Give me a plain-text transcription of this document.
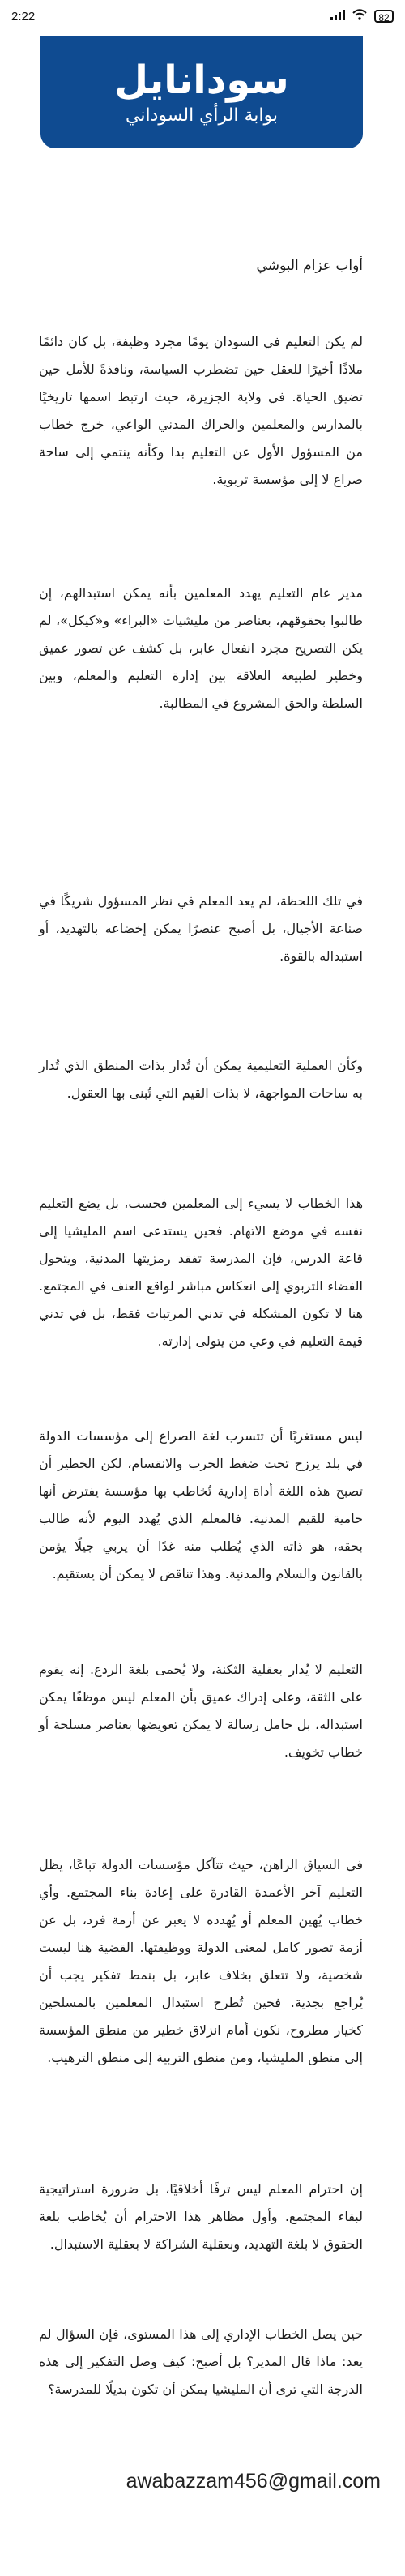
2:22	82
سودانايل
بوابة الرأي السوداني
أواب عزام البوشي

لم يكن التعليم في السودان يومًا مجرد وظيفة، بل كان دائمًا ملاذًا أخيرًا للعقل حين تضطرب السياسة، ونافذةً للأمل حين تضيق الحياة. في ولاية الجزيرة، حيث ارتبط اسمها تاريخيًا بالمدارس والمعلمين والحراك المدني الواعي، خرج خطاب من المسؤول الأول عن التعليم بدا وكأنه ينتمي إلى ساحة صراع لا إلى مؤسسة تربوية.

مدير عام التعليم يهدد المعلمين بأنه يمكن استبدالهم، إن طالبوا بحقوقهم، بعناصر من مليشيات «البراء» و«كيكل»، لم يكن التصريح مجرد انفعال عابر، بل كشف عن تصور عميق وخطير لطبيعة العلاقة بين إدارة التعليم والمعلم، وبين السلطة والحق المشروع في المطالبة.

في تلك اللحظة، لم يعد المعلم في نظر المسؤول شريكًا في صناعة الأجيال، بل أصبح عنصرًا يمكن إخضاعه بالتهديد، أو استبداله بالقوة.

وكأن العملية التعليمية يمكن أن تُدار بذات المنطق الذي تُدار به ساحات المواجهة، لا بذات القيم التي تُبنى بها العقول.

هذا الخطاب لا يسيء إلى المعلمين فحسب، بل يضع التعليم نفسه في موضع الاتهام. فحين يستدعى اسم المليشيا إلى قاعة الدرس، فإن المدرسة تفقد رمزيتها المدنية، ويتحول الفضاء التربوي إلى انعكاس مباشر لواقع العنف في المجتمع. هنا لا تكون المشكلة في تدني المرتبات فقط، بل في تدني قيمة التعليم في وعي من يتولى إدارته.

ليس مستغربًا أن تتسرب لغة الصراع إلى مؤسسات الدولة في بلد يرزح تحت ضغط الحرب والانقسام، لكن الخطير أن تصبح هذه اللغة أداة إدارية تُخاطب بها مؤسسة يفترض أنها حامية للقيم المدنية. فالمعلم الذي يُهدد اليوم لأنه طالب بحقه، هو ذاته الذي يُطلب منه غدًا أن يربي جيلًا يؤمن بالقانون والسلام والمدنية. وهذا تناقض لا يمكن أن يستقيم.

التعليم لا يُدار بعقلية الثكنة، ولا يُحمى بلغة الردع. إنه يقوم على الثقة، وعلى إدراك عميق بأن المعلم ليس موظفًا يمكن استبداله، بل حامل رسالة لا يمكن تعويضها بعناصر مسلحة أو خطاب تخويف.

في السياق الراهن، حيث تتآكل مؤسسات الدولة تباعًا، يظل التعليم آخر الأعمدة القادرة على إعادة بناء المجتمع. وأي خطاب يُهين المعلم أو يُهدده لا يعبر عن أزمة فرد، بل عن أزمة تصور كامل لمعنى الدولة ووظيفتها. القضية هنا ليست شخصية، ولا تتعلق بخلاف عابر، بل بنمط تفكير يجب أن يُراجع بجدية. فحين تُطرح استبدال المعلمين بالمسلحين كخيار مطروح، نكون أمام انزلاق خطير من منطق المؤسسة إلى منطق المليشيا، ومن منطق التربية إلى منطق الترهيب.

إن احترام المعلم ليس ترفًا أخلاقيًا، بل ضرورة استراتيجية لبقاء المجتمع. وأول مظاهر هذا الاحترام أن يُخاطب بلغة الحقوق لا بلغة التهديد، وبعقلية الشراكة لا بعقلية الاستبدال.

حين يصل الخطاب الإداري إلى هذا المستوى، فإن السؤال لم يعد: ماذا قال المدير؟ بل أصبح: كيف وصل التفكير إلى هذه الدرجة التي ترى أن المليشيا يمكن أن تكون بديلًا للمدرسة؟

awabazzam456@gmail.com
